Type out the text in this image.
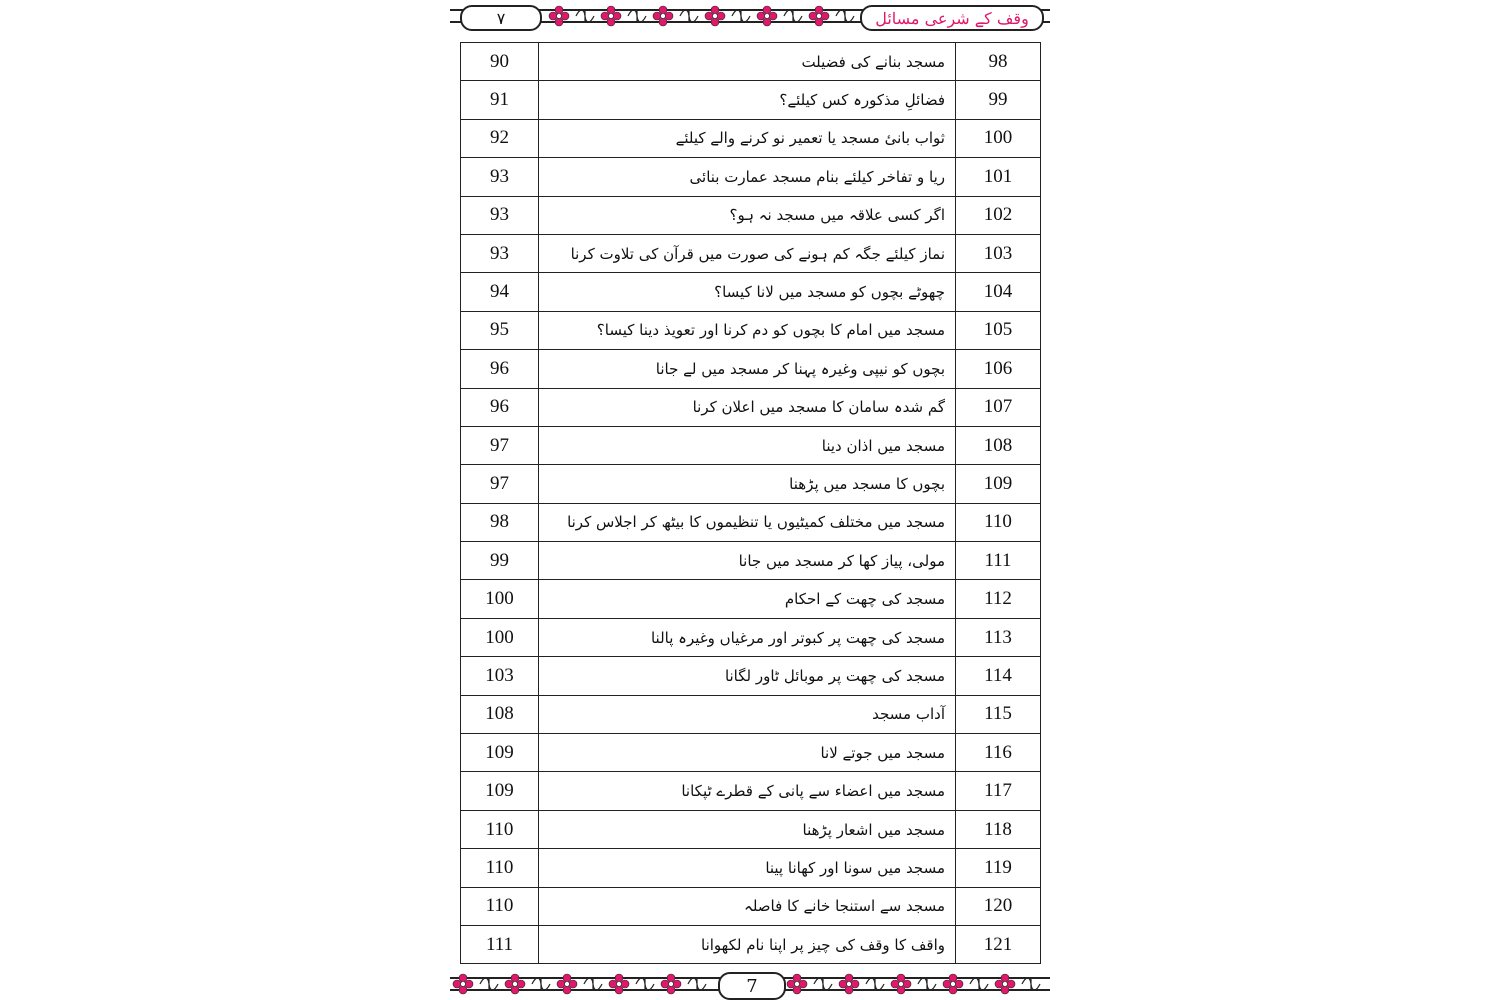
٧	وقف کے شرعی مسائل
90	مسجد بنانے کی فضیلت	98
91	فضائلِ مذکورہ کس کیلئے؟	99
92	ثواب بانیٔ مسجد یا تعمیر نو کرنے والے کیلئے	100
93	ریا و تفاخر کیلئے بنام مسجد عمارت بنائی	101
93	اگر کسی علاقہ میں مسجد نہ ہو؟	102
93	نماز کیلئے جگہ کم ہونے کی صورت میں قرآن کی تلاوت کرنا	103
94	چھوٹے بچوں کو مسجد میں لانا کیسا؟	104
95	مسجد میں امام کا بچوں کو دم کرنا اور تعویذ دینا کیسا؟	105
96	بچوں کو نیپی وغیرہ پہنا کر مسجد میں لے جانا	106
96	گم شدہ سامان کا مسجد میں اعلان کرنا	107
97	مسجد میں اذان دینا	108
97	بچوں کا مسجد میں پڑھنا	109
98	مسجد میں مختلف کمیٹیوں یا تنظیموں کا بیٹھ کر اجلاس کرنا	110
99	مولی، پیاز کھا کر مسجد میں جانا	111
100	مسجد کی چھت کے احکام	112
100	مسجد کی چھت پر کبوتر اور مرغیاں وغیرہ پالنا	113
103	مسجد کی چھت پر موبائل ٹاور لگانا	114
108	آداب مسجد	115
109	مسجد میں جوتے لانا	116
109	مسجد میں اعضاء سے پانی کے قطرے ٹپکانا	117
110	مسجد میں اشعار پڑھنا	118
110	مسجد میں سونا اور کھانا پینا	119
110	مسجد سے استنجا خانے کا فاصلہ	120
111	واقف کا وقف کی چیز پر اپنا نام لکھوانا	121
7
